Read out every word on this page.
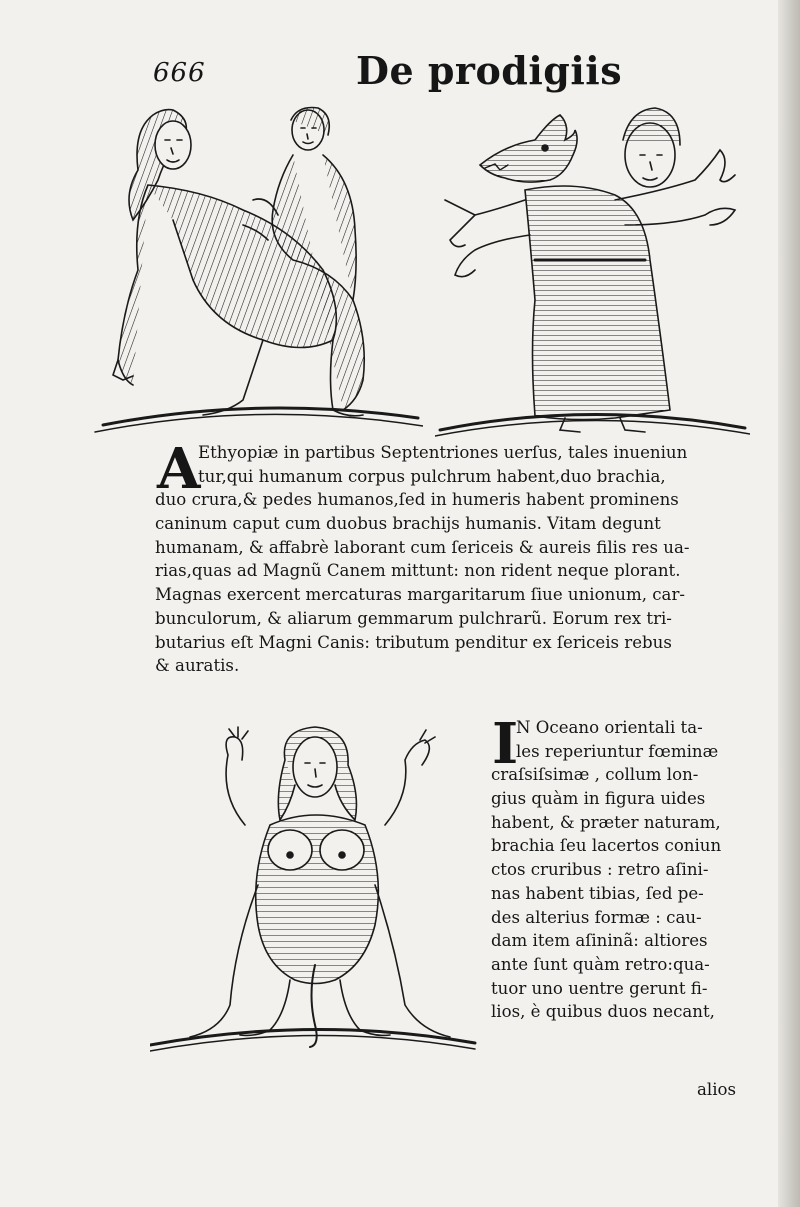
666	De prodigiis
A
Ethyopiæ in partibus Septentriones uerſus, tales inueniun
tur,qui humanum corpus pulchrum habent,duo brachia,
duo crura,& pedes humanos,ſed in humeris habent prominens
caninum caput cum duobus brachijs humanis. Vitam degunt
humanam, & affabrè laborant cum ſericeis & aureis filis res ua-
rias,quas ad Magnũ Canem mittunt: non rident neque plorant.
Magnas exercent mercaturas margaritarum ſiue unionum, car-
bunculorum, & aliarum gemmarum pulchrarũ. Eorum rex tri-
butarius eſt Magni Canis: tributum penditur ex ſericeis rebus
& auratis.
I
N Oceano orientali ta-
les reperiuntur fœminæ
craſsiſsimæ , collum lon-
gius quàm in figura uides
habent, & præter naturam,
brachia ſeu lacertos coniun
ctos cruribus : retro aſini-
nas habent tibias, ſed pe-
des alterius formæ : cau-
dam item aſininã: altiores
ante ſunt quàm retro:qua-
tuor uno uentre gerunt fi-
lios, è quibus duos necant,
alios
